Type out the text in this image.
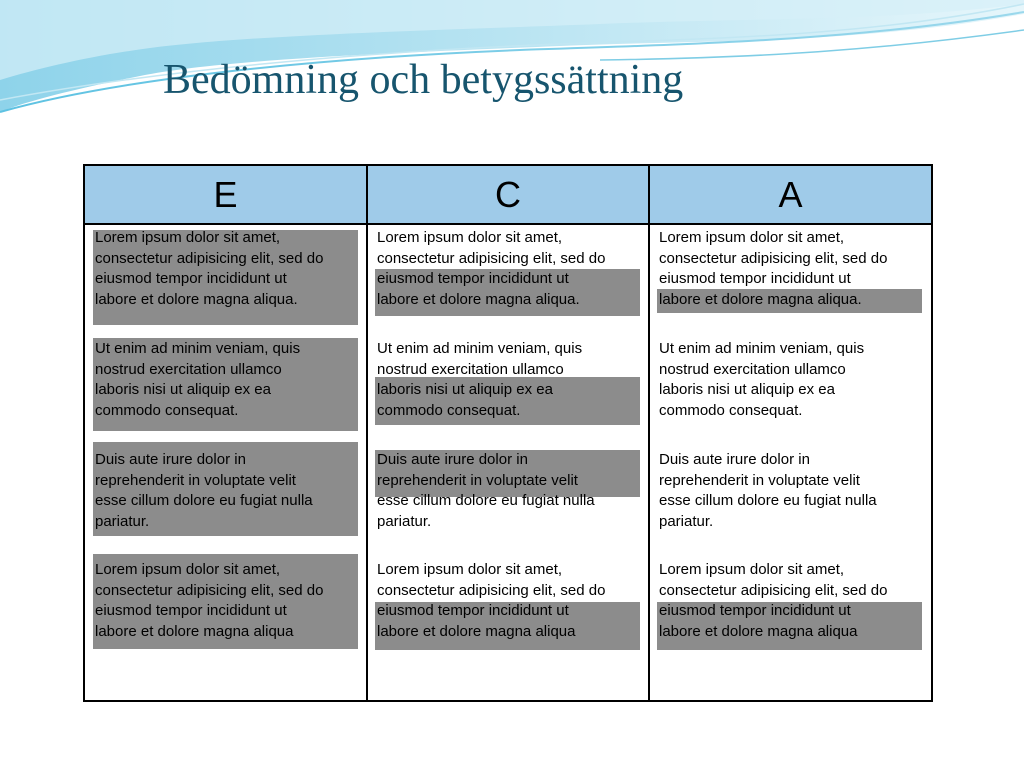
Bedömning och betygssättning
E	C	A

Lorem ipsum dolor sit amet,
consectetur adipisicing elit, sed do
eiusmod tempor incididunt ut
labore et dolore magna aliqua.

Ut enim ad minim veniam, quis
nostrud exercitation ullamco
laboris nisi ut aliquip ex ea
commodo consequat.

Duis aute irure dolor in
reprehenderit in voluptate velit
esse cillum dolore eu fugiat nulla
pariatur.

Lorem ipsum dolor sit amet,
consectetur adipisicing elit, sed do
eiusmod tempor incididunt ut
labore et dolore magna aliqua

Lorem ipsum dolor sit amet,
consectetur adipisicing elit, sed do
eiusmod tempor incididunt ut
labore et dolore magna aliqua.

Ut enim ad minim veniam, quis
nostrud exercitation ullamco
laboris nisi ut aliquip ex ea
commodo consequat.

Duis aute irure dolor in
reprehenderit in voluptate velit
esse cillum dolore eu fugiat nulla
pariatur.

Lorem ipsum dolor sit amet,
consectetur adipisicing elit, sed do
eiusmod tempor incididunt ut
labore et dolore magna aliqua

Lorem ipsum dolor sit amet,
consectetur adipisicing elit, sed do
eiusmod tempor incididunt ut
labore et dolore magna aliqua.

Ut enim ad minim veniam, quis
nostrud exercitation ullamco
laboris nisi ut aliquip ex ea
commodo consequat.

Duis aute irure dolor in
reprehenderit in voluptate velit
esse cillum dolore eu fugiat nulla
pariatur.

Lorem ipsum dolor sit amet,
consectetur adipisicing elit, sed do
eiusmod tempor incididunt ut
labore et dolore magna aliqua
